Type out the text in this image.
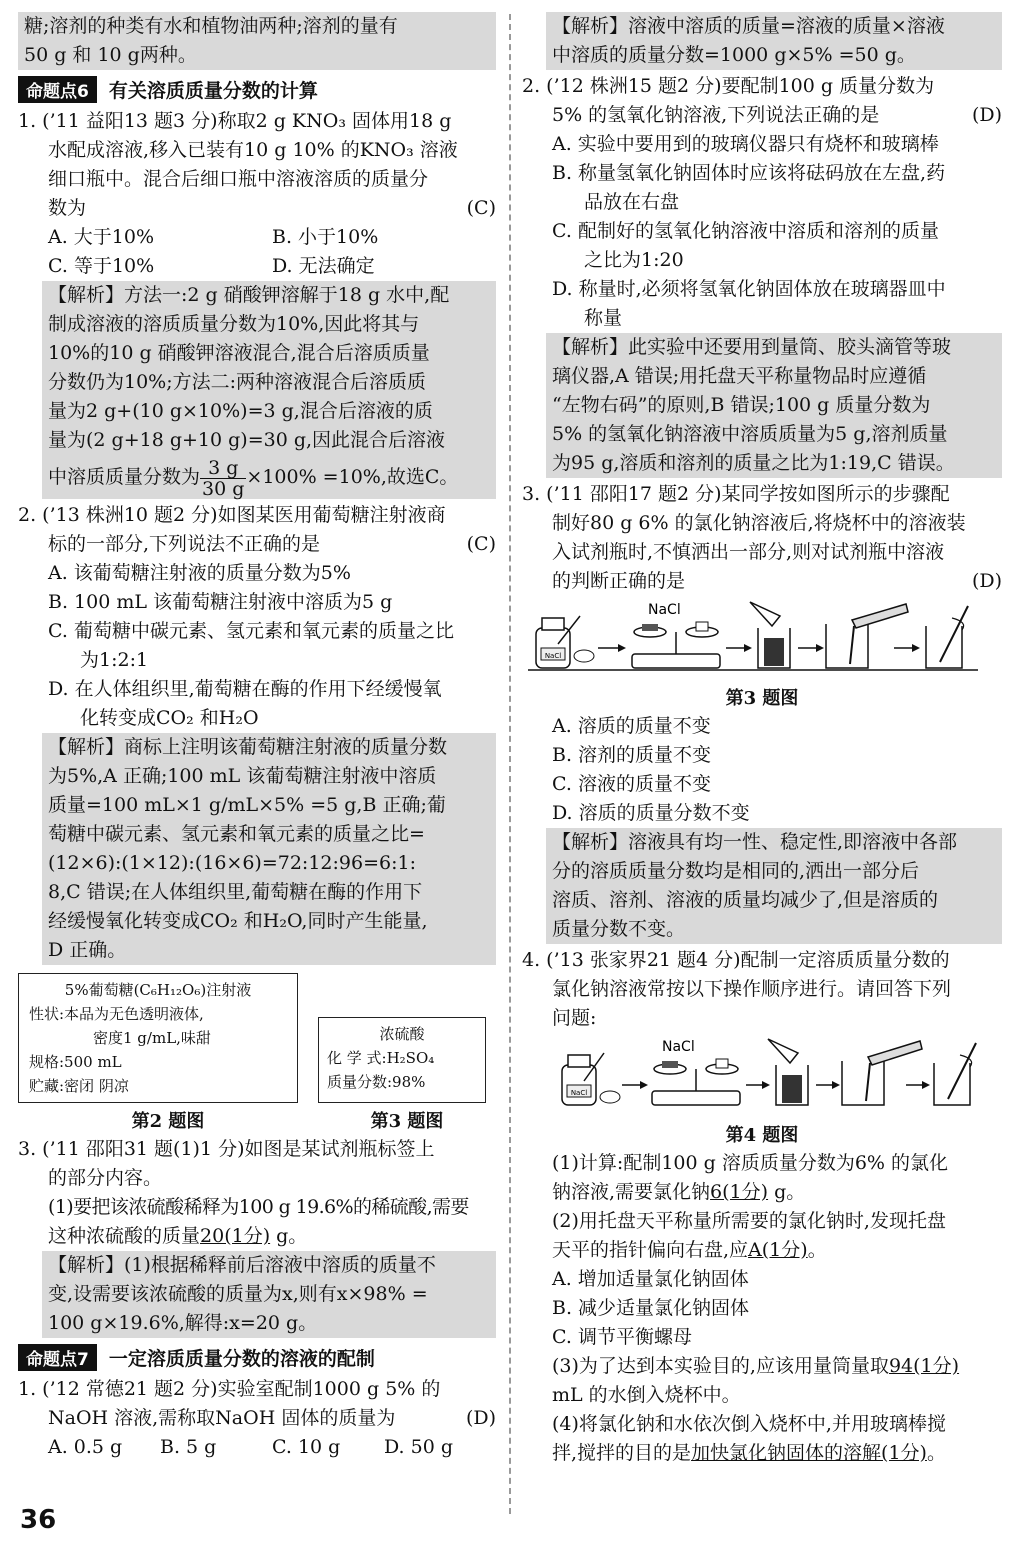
糖;溶剂的种类有水和植物油两种;溶剂的量有

50 g 和 10 g两种。

命题点6	有关溶质质量分数的计算

1. (’11 益阳13 题3 分)称取2 g KNO₃ 固体用18 g

水配成溶液,移入已装有10 g 10% 的KNO₃ 溶液

细口瓶中。混合后细口瓶中溶液溶质的质量分

数为	(C)

A. 大于10%	B. 小于10%
C. 等于10%	D. 无法确定

【解析】方法一:2 g 硝酸钾溶解于18 g 水中,配

制成溶液的溶质质量分数为10%,因此将其与

10%的10 g 硝酸钾溶液混合,混合后溶质质量

分数仍为10%;方法二:两种溶液混合后溶质质

量为2 g+(10 g×10%)=3 g,混合后溶液的质

量为(2 g+18 g+10 g)=30 g,因此混合后溶液

中溶质质量分数为 $\frac{3 g}{30 g} \times 100\% =10\%$,故选C。

2. (’13 株洲10 题2 分)如图某医用葡萄糖注射液商

标的一部分,下列说法不正确的是	(C)

A. 该葡萄糖注射液的质量分数为5%

B. 100 mL 该葡萄糖注射液中溶质为5 g

C. 葡萄糖中碳元素、氢元素和氧元素的质量之比

为1:2:1

D. 在人体组织里,葡萄糖在酶的作用下经缓慢氧

化转变成CO₂ 和H₂O

【解析】商标上注明该葡萄糖注射液的质量分数

为5%,A 正确;100 mL 该葡萄糖注射液中溶质

质量=100 mL×1 g/mL×5% =5 g,B 正确;葡

萄糖中碳元素、氢元素和氧元素的质量之比=

(12×6):(1×12):(16×6)=72:12:96=6:1:

8,C 错误;在人体组织里,葡萄糖在酶的作用下

经缓慢氧化转变成CO₂ 和H₂O,同时产生能量,

D 正确。

5%葡萄糖(C₆H₁₂O₆)注射液
性状:本品为无色透明液体,
密度1 g/mL,味甜
规格:500 mL
贮藏:密闭 阴凉
浓硫酸
化 学 式:H₂SO₄
质量分数:98%
第2 题图	第3 题图

3. (’11 邵阳31 题(1)1 分)如图是某试剂瓶标签上

的部分内容。

(1)要把该浓硫酸稀释为100 g 19.6%的稀硫酸,需要

这种浓硫酸的质量20(1分) g。

【解析】(1)根据稀释前后溶液中溶质的质量不

变,设需要该浓硫酸的质量为x,则有x×98% =

100 g×19.6%,解得:x=20 g。

命题点7	一定溶质质量分数的溶液的配制

1. (’12 常德21 题2 分)实验室配制1000 g 5% 的

NaOH 溶液,需称取NaOH 固体的质量为	(D)

A. 0.5 g	B. 5 g	C. 10 g	D. 50 g

【解析】溶液中溶质的质量=溶液的质量×溶液

中溶质的质量分数=1000 g×5% =50 g。

2. (’12 株洲15 题2 分)要配制100 g 质量分数为

5% 的氢氧化钠溶液,下列说法正确的是	(D)

A. 实验中要用到的玻璃仪器只有烧杯和玻璃棒

B. 称量氢氧化钠固体时应该将砝码放在左盘,药

品放在右盘

C. 配制好的氢氧化钠溶液中溶质和溶剂的质量

之比为1:20

D. 称量时,必须将氢氧化钠固体放在玻璃器皿中

称量

【解析】此实验中还要用到量筒、胶头滴管等玻

璃仪器,A 错误;用托盘天平称量物品时应遵循

“左物右码”的原则,B 错误;100 g 质量分数为

5% 的氢氧化钠溶液中溶质质量为5 g,溶剂质量

为95 g,溶质和溶剂的质量之比为1:19,C 错误。

3. (’11 邵阳17 题2 分)某同学按如图所示的步骤配

制好80 g 6% 的氯化钠溶液后,将烧杯中的溶液装

入试剂瓶时,不慎洒出一部分,则对试剂瓶中溶液

的判断正确的是	(D)

NaCl
NaCl
第3 题图

A. 溶质的质量不变

B. 溶剂的质量不变

C. 溶液的质量不变

D. 溶质的质量分数不变

【解析】溶液具有均一性、稳定性,即溶液中各部

分的溶质质量分数均是相同的,洒出一部分后

溶质、溶剂、溶液的质量均减少了,但是溶质的

质量分数不变。

4. (’13 张家界21 题4 分)配制一定溶质质量分数的

氯化钠溶液常按以下操作顺序进行。请回答下列

问题:

NaCl
NaCl
第4 题图

(1)计算:配制100 g 溶质质量分数为6% 的氯化

钠溶液,需要氯化钠6(1分) g。

(2)用托盘天平称量所需要的氯化钠时,发现托盘

天平的指针偏向右盘,应A(1分)。

A. 增加适量氯化钠固体

B. 减少适量氯化钠固体

C. 调节平衡螺母

(3)为了达到本实验目的,应该用量筒量取94(1分)

mL 的水倒入烧杯中。

(4)将氯化钠和水依次倒入烧杯中,并用玻璃棒搅

拌,搅拌的目的是加快氯化钠固体的溶解(1分)。

36
